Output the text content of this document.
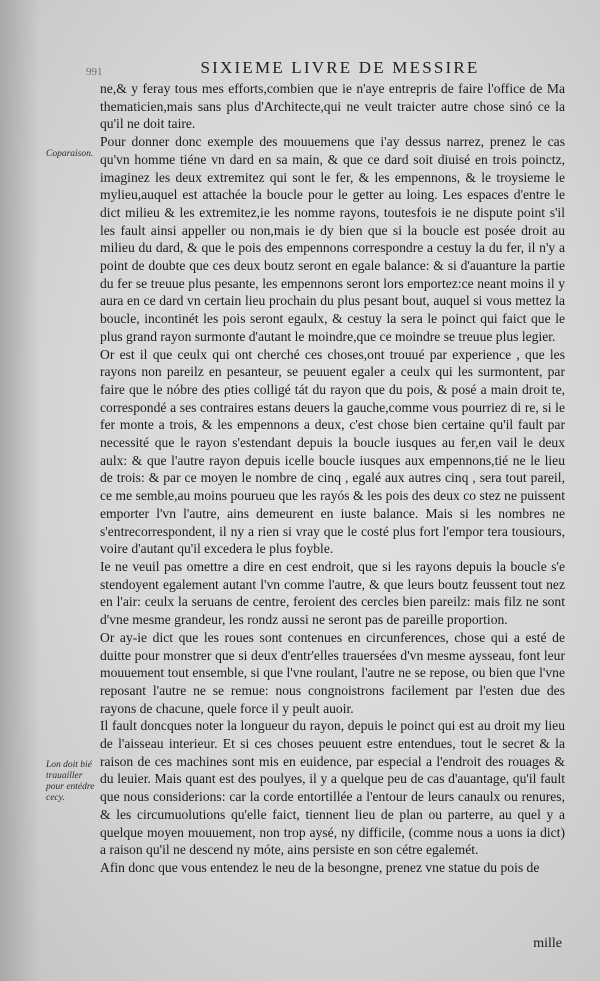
991	SIXIEME LIVRE DE MESSIRE
Coparaison.
Lon doit bié trauailler pour entédre cecy.

ne,& y feray tous mes efforts,combien que ie n'aye entrepris de faire l'office de Ma thematicien,mais sans plus d'Architecte,qui ne veult traicter autre chose sinó ce la qu'il ne doit taire.

Pour donner donc exemple des mouuemens que i'ay dessus narrez, prenez le cas qu'vn homme tiéne vn dard en sa main, & que ce dard soit diuisé en trois poinctz, imaginez les deux extremitez qui sont le fer, & les empennons, & le troysieme le mylieu,auquel est attachée la boucle pour le getter au loing. Les espaces d'entre le dict milieu & les extremitez,ie les nomme rayons, toutesfois ie ne dispute point s'il les fault ainsi appeller ou non,mais ie dy bien que si la boucle est posée droit au milieu du dard, & que le pois des empennons correspondre a cestuy la du fer, il n'y a point de doubte que ces deux boutz seront en egale balance: & si d'auanture la partie du fer se treuue plus pesante, les empennons seront lors emportez:ce neant moins il y aura en ce dard vn certain lieu prochain du plus pesant bout, auquel si vous mettez la boucle, incontinét les pois seront egaulx, & cestuy la sera le poinct qui faict que le plus grand rayon surmonte d'autant le moindre,que ce moindre se treuue plus legier.

Or est il que ceulx qui ont cherché ces choses,ont trouué par experience , que les rayons non pareilz en pesanteur, se peuuent egaler a ceulx qui les surmontent, par faire que le nóbre des ρties colligé tát du rayon que du pois, & posé a main droit te, correspondé a ses contraires estans deuers la gauche,comme vous pourriez di re, si le fer monte a trois, & les empennons a deux, c'est chose bien certaine qu'il fault par necessité que le rayon s'estendant depuis la boucle iusques au fer,en vail le deux aulx: & que l'autre rayon depuis icelle boucle iusques aux empennons,tié ne le lieu de trois: & par ce moyen le nombre de cinq , egalé aux autres cinq , sera tout pareil, ce me semble,au moins pourueu que les rayós & les pois des deux co stez ne puissent emporter l'vn l'autre, ains demeurent en iuste balance. Mais si les nombres ne s'entrecorrespondent, il ny a rien si vray que le costé plus fort l'empor tera tousiours, voire d'autant qu'il excedera le plus foyble.

Ie ne veuil pas omettre a dire en cest endroit, que si les rayons depuis la boucle s'e stendoyent egalement autant l'vn comme l'autre, & que leurs boutz feussent tout nez en l'air: ceulx la seruans de centre, feroient des cercles bien pareilz: mais filz ne sont d'vne mesme grandeur, les rondz aussi ne seront pas de pareille proportion.

Or ay-ie dict que les roues sont contenues en circunferences, chose qui a esté de duitte pour monstrer que si deux d'entr'elles trauersées d'vn mesme aysseau, font leur mouuement tout ensemble, si que l'vne roulant, l'autre ne se repose, ou bien que l'vne reposant l'autre ne se remue: nous congnoistrons facilement par l'esten due des rayons de chacune, quele force il y peult auoir.

Il fault doncques noter la longueur du rayon, depuis le poinct qui est au droit my lieu de l'aisseau interieur. Et si ces choses peuuent estre entendues, tout le secret & la raison de ces machines sont mis en euidence, par especial a l'endroit des rouages & du leuier. Mais quant est des poulyes, il y a quelque peu de cas d'auantage, qu'il fault que nous considerions: car la corde entortillée a l'entour de leurs canaulx ou renures, & les circumuolutions qu'elle faict, tiennent lieu de plan ou parterre, au quel y a quelque moyen mouuement, non trop aysé, ny difficile, (comme nous a uons ia dict) a raison qu'il ne descend ny móte, ains persiste en son cétre egalemét.

Afin donc que vous entendez le neu de la besongne, prenez vne statue du pois de

mille
